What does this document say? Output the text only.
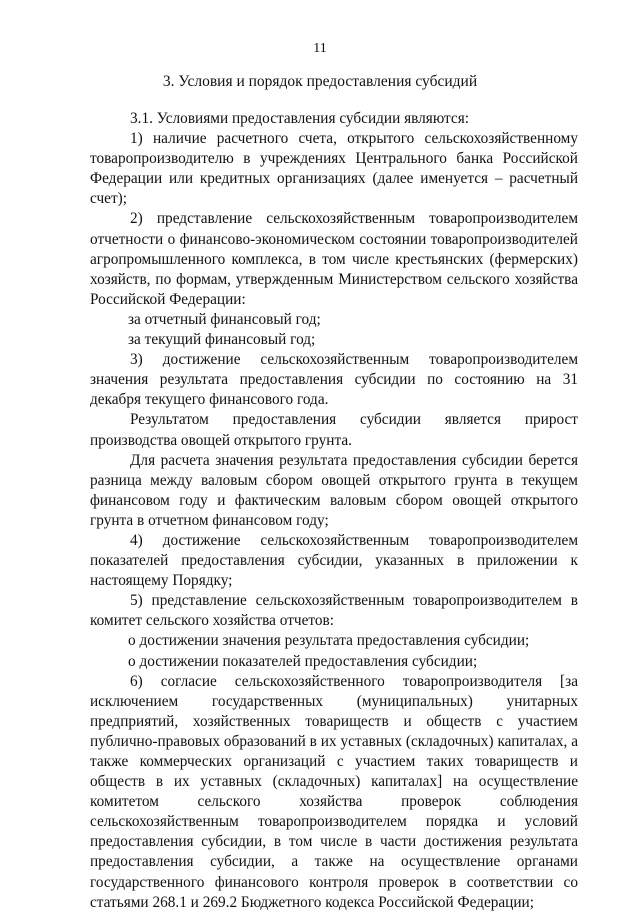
11
3. Условия и порядок предоставления субсидий

3.1. Условиями предоставления субсидии являются:

1) наличие расчетного счета, открытого сельскохозяйственному товаропроизводителю в учреждениях Центрального банка Российской Федерации или кредитных организациях (далее именуется – расчетный счет);

2) представление сельскохозяйственным товаропроизводителем отчетности о финансово-экономическом состоянии товаропроизводителей агропромышленного комплекса, в том числе крестьянских (фермерских) хозяйств, по формам, утвержденным Министерством сельского хозяйства Российской Федерации:

за отчетный финансовый год;

за текущий финансовый год;

3) достижение сельскохозяйственным товаропроизводителем значения результата предоставления субсидии по состоянию на 31 декабря текущего финансового года.

Результатом предоставления субсидии является прирост производства овощей открытого грунта.

Для расчета значения результата предоставления субсидии берется разница между валовым сбором овощей открытого грунта в текущем финансовом году и фактическим валовым сбором овощей открытого грунта в отчетном финансовом году;

4) достижение сельскохозяйственным товаропроизводителем показателей предоставления субсидии, указанных в приложении к настоящему Порядку;

5) представление сельскохозяйственным товаропроизводителем в комитет сельского хозяйства отчетов:

о достижении значения результата предоставления субсидии;

о достижении показателей предоставления субсидии;

6) согласие сельскохозяйственного товаропроизводителя [за исключением государственных (муниципальных) унитарных предприятий, хозяйственных товариществ и обществ с участием публично-правовых образований в их уставных (складочных) капиталах, а также коммерческих организаций с участием таких товариществ и обществ в их уставных (складочных) капиталах] на осуществление комитетом сельского хозяйства проверок соблюдения сельскохозяйственным товаропроизводителем порядка и условий предоставления субсидии, в том числе в части достижения результата предоставления субсидии, а также на осуществление органами государственного финансового контроля проверок в соответствии со статьями 268.1 и 269.2 Бюджетного кодекса Российской Федерации;
